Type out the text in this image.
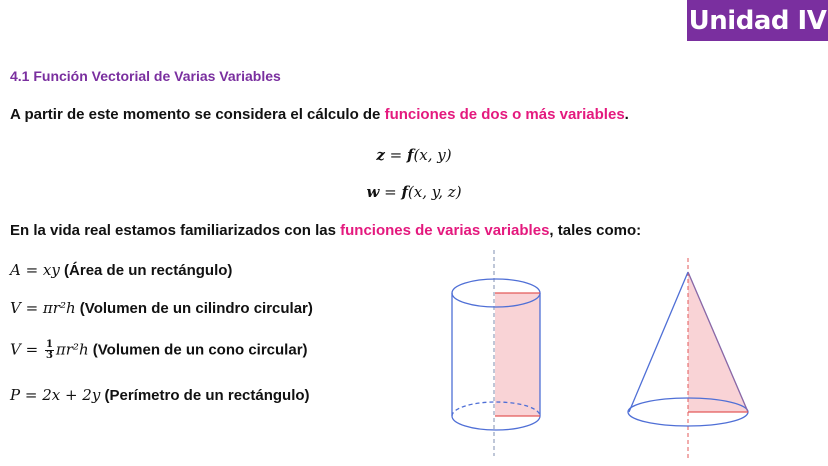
Unidad IV
4.1 Función Vectorial de Varias Variables
A partir de este momento se considera el cálculo de funciones de dos o más variables.
z = f(x, y)
w = f(x, y, z)
En la vida real estamos familiarizados con las funciones de varias variables, tales como:
A = xy (Área de un rectángulo)
V = πr²h (Volumen de un cilindro circular)
$V = \frac{1}{3} \pi r^2h$ (Volumen de un cono circular)
P = 2x + 2y (Perímetro de un rectángulo)
